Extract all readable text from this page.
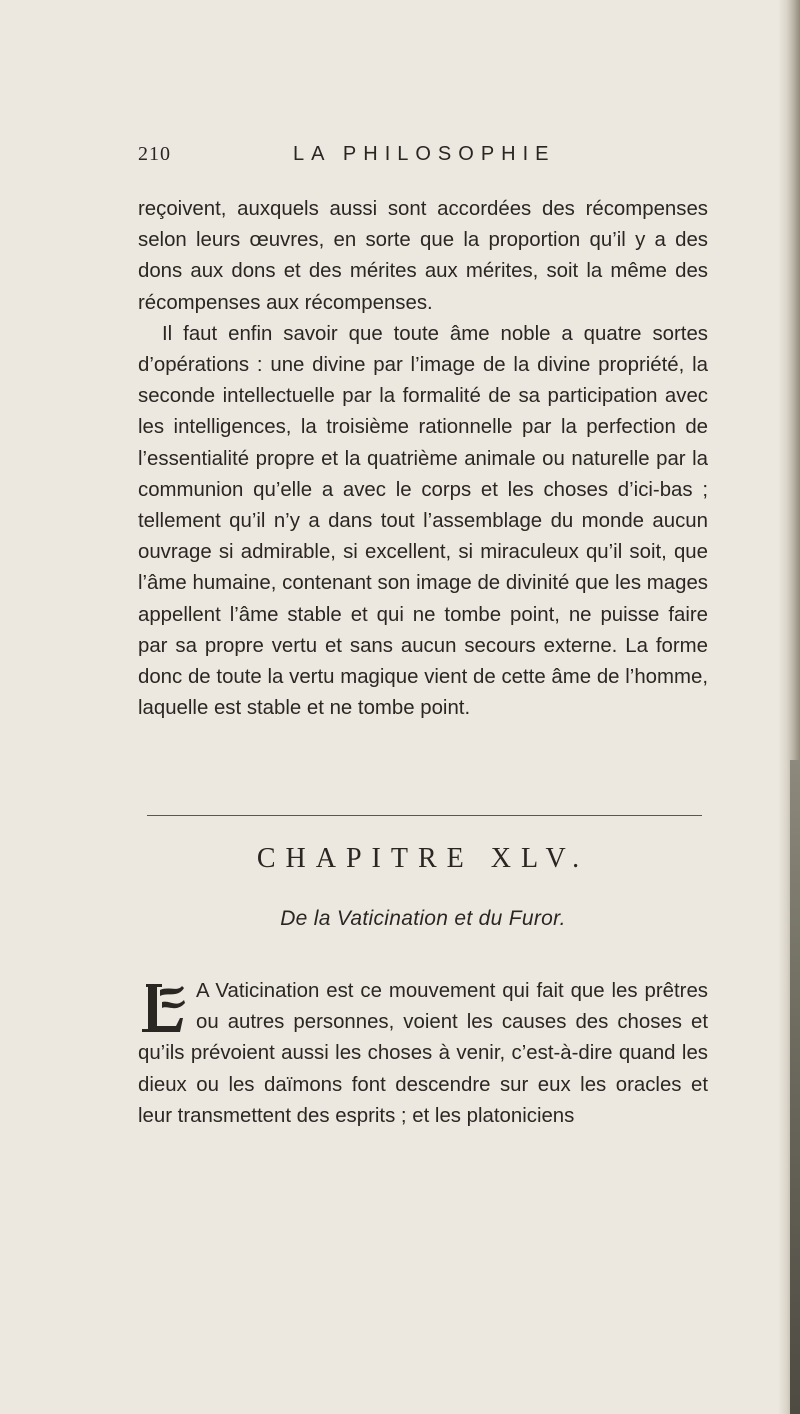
210	LA PHILOSOPHIE

reçoivent, auxquels aussi sont accordées des récompenses selon leurs œuvres, en sorte que la proportion qu’il y a des dons aux dons et des mérites aux mérites, soit la même des récompenses aux récompenses.

Il faut enfin savoir que toute âme noble a quatre sortes d’opérations : une divine par l’image de la divine propriété, la seconde intellectuelle par la formalité de sa participation avec les intelligences, la troisième rationnelle par la perfection de l’essentialité propre et la quatrième animale ou naturelle par la communion qu’elle a avec le corps et les choses d’ici-bas ; tellement qu’il n’y a dans tout l’assemblage du monde aucun ouvrage si admirable, si excellent, si miraculeux qu’il soit, que l’âme humaine, contenant son image de divinité que les mages appellent l’âme stable et qui ne tombe point, ne puisse faire par sa propre vertu et sans aucun secours externe. La forme donc de toute la vertu magique vient de cette âme de l’homme, laquelle est stable et ne tombe point.

CHAPITRE XLV.
De la Vaticination et du Furor.

A Vaticination est ce mouvement qui fait que les prêtres ou autres personnes, voient les causes des choses et qu’ils prévoient aussi les choses à venir, c’est-à-dire quand les dieux ou les daïmons font descendre sur eux les oracles et leur transmettent des esprits ; et les platoniciens
